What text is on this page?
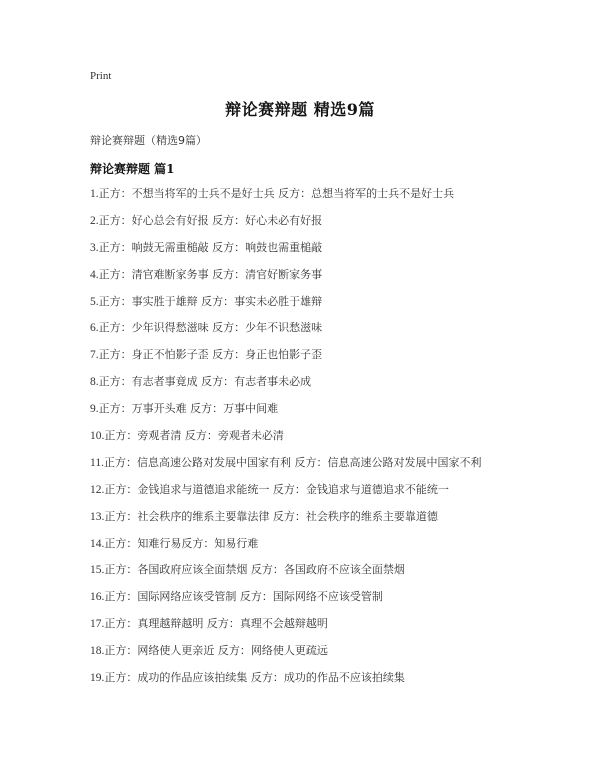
Print
辩论赛辩题 精选9篇
辩论赛辩题（精选9篇）
辩论赛辩题 篇1
1.正方：不想当将军的士兵不是好士兵 反方：总想当将军的士兵不是好士兵
2.正方：好心总会有好报 反方：好心未必有好报
3.正方：响鼓无需重槌敲 反方：响鼓也需重槌敲
4.正方：清官难断家务事 反方：清官好断家务事
5.正方：事实胜于雄辩 反方：事实未必胜于雄辩
6.正方：少年识得愁滋味 反方：少年不识愁滋味
7.正方：身正不怕影子歪 反方：身正也怕影子歪
8.正方：有志者事竟成 反方：有志者事未必成
9.正方：万事开头难 反方：万事中间难
10.正方：旁观者清 反方：旁观者未必清
11.正方：信息高速公路对发展中国家有利 反方：信息高速公路对发展中国家不利
12.正方：金钱追求与道德追求能统一 反方：金钱追求与道德追求不能统一
13.正方：社会秩序的维系主要靠法律 反方：社会秩序的维系主要靠道德
14.正方：知难行易反方：知易行难
15.正方：各国政府应该全面禁烟 反方：各国政府不应该全面禁烟
16.正方：国际网络应该受管制 反方：国际网络不应该受管制
17.正方：真理越辩越明 反方：真理不会越辩越明
18.正方：网络使人更亲近 反方：网络使人更疏远
19.正方：成功的作品应该拍续集 反方：成功的作品不应该拍续集
